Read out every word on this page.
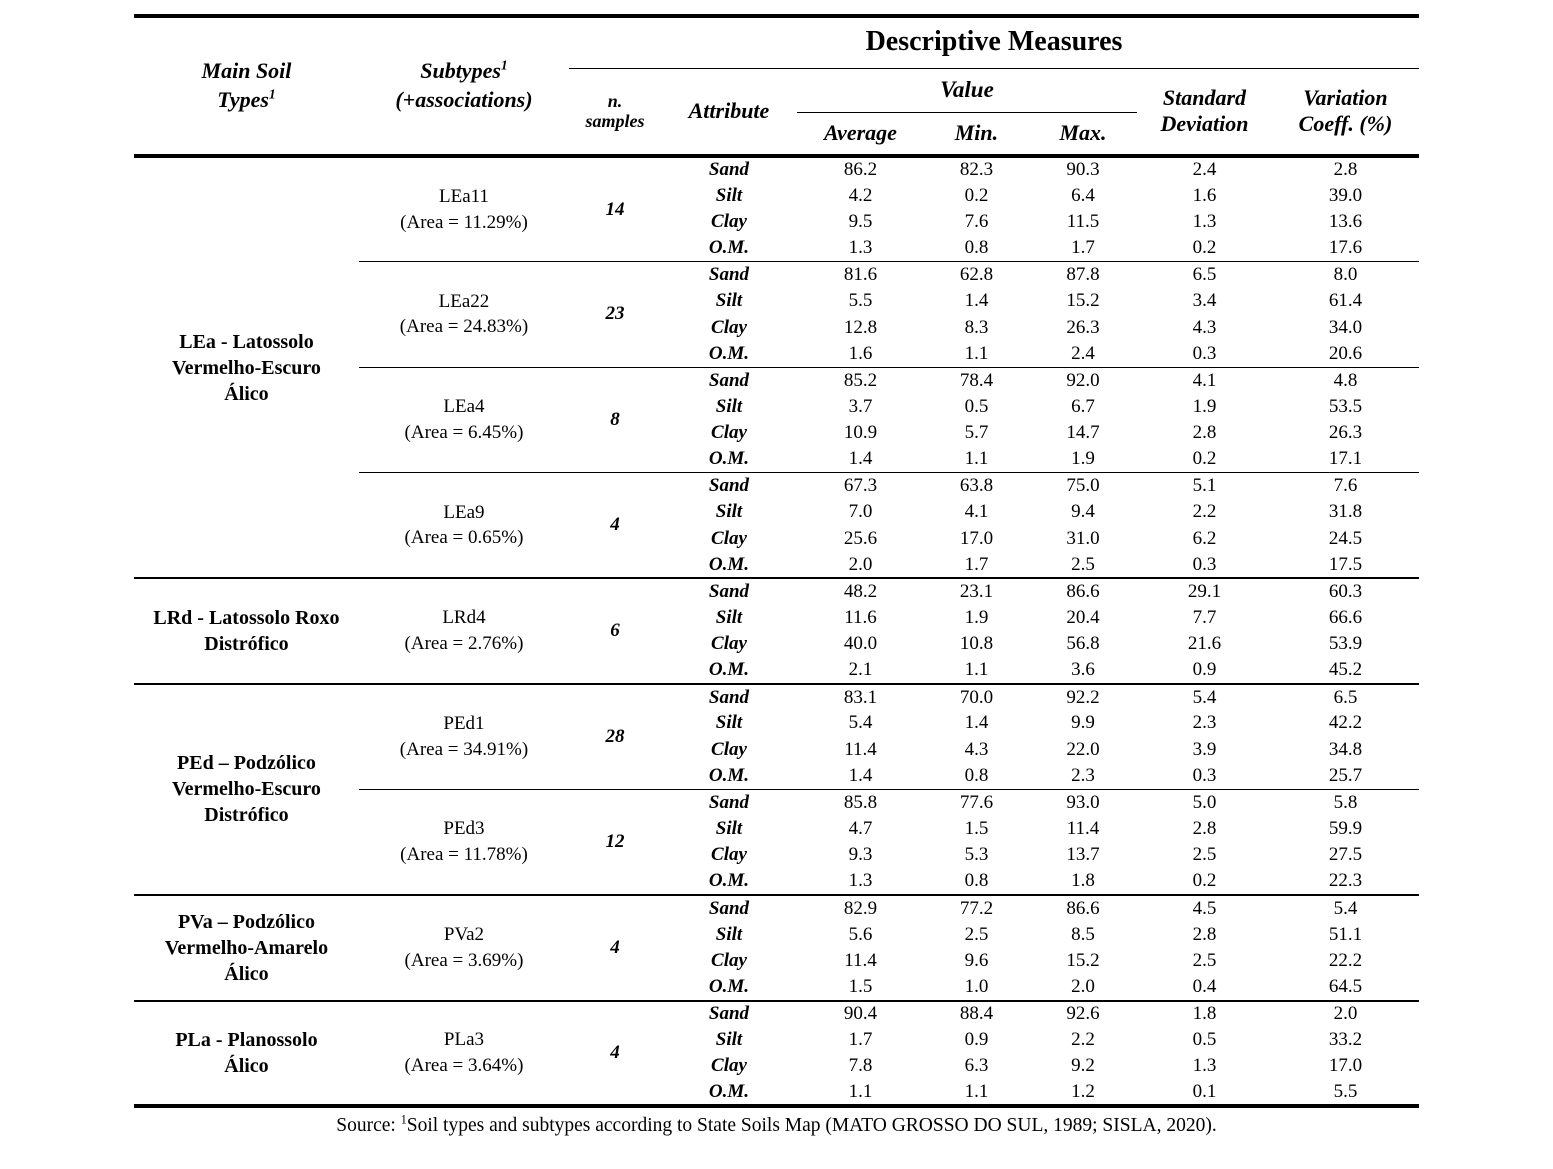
Main Soil
Types$^1$

Subtypes$^1$
(+associations)
	Descriptive Measures

n.
samples	Attribute	Value	Standard
Deviation

Variation
Coeff. (%)

				Average	Min.	Max.		

LEa - Latossolo
Vermelho-Escuro
Álico

LEa11
(Area = 11.29%)
	14	Sand	86.2	82.3	90.3	2.4	2.8
			Silt	4.2	0.2	6.4	1.6	39.0
			Clay	9.5	7.6	11.5	1.3	13.6
			O.M.	1.3	0.8	1.7	0.2	17.6

	LEa22
(Area = 24.83%)	23	Sand	81.6	62.8	87.8	6.5	8.0
			Silt	5.5	1.4	15.2	3.4	61.4
			Clay	12.8	8.3	26.3	4.3	34.0
			O.M.	1.6	1.1	2.4	0.3	20.6

	LEa4
(Area = 6.45%)	8	Sand	85.2	78.4	92.0	4.1	4.8
			Silt	3.7	0.5	6.7	1.9	53.5
			Clay	10.9	5.7	14.7	2.8	26.3
			O.M.	1.4	1.1	1.9	0.2	17.1

	LEa9
(Area = 0.65%)	4	Sand	67.3	63.8	75.0	5.1	7.6
			Silt	7.0	4.1	9.4	2.2	31.8
			Clay	25.6	17.0	31.0	6.2	24.5
			O.M.	2.0	1.7	2.5	0.3	17.5

LRd - Latossolo Roxo
Distrófico

LRd4
(Area = 2.76%)
	6	Sand	48.2	23.1	86.6	29.1	60.3
			Silt	11.6	1.9	20.4	7.7	66.6
			Clay	40.0	10.8	56.8	21.6	53.9
			O.M.	2.1	1.1	3.6	0.9	45.2

PEd – Podzólico
Vermelho-Escuro
Distrófico

PEd1
(Area = 34.91%)
	28	Sand	83.1	70.0	92.2	5.4	6.5
			Silt	5.4	1.4	9.9	2.3	42.2
			Clay	11.4	4.3	22.0	3.9	34.8
			O.M.	1.4	0.8	2.3	0.3	25.7

	PEd3
(Area = 11.78%)	12	Sand	85.8	77.6	93.0	5.0	5.8
			Silt	4.7	1.5	11.4	2.8	59.9
			Clay	9.3	5.3	13.7	2.5	27.5
			O.M.	1.3	0.8	1.8	0.2	22.3

PVa – Podzólico
Vermelho-Amarelo
Álico

PVa2
(Area = 3.69%)
	4	Sand	82.9	77.2	86.6	4.5	5.4
			Silt	5.6	2.5	8.5	2.8	51.1
			Clay	11.4	9.6	15.2	2.5	22.2
			O.M.	1.5	1.0	2.0	0.4	64.5

PLa - Planossolo
Álico

PLa3
(Area = 3.64%)
	4	Sand	90.4	88.4	92.6	1.8	2.0
			Silt	1.7	0.9	2.2	0.5	33.2
			Clay	7.8	6.3	9.2	1.3	17.0
			O.M.	1.1	1.1	1.2	0.1	5.5
Source: $^1$Soil types and subtypes according to State Soils Map (MATO GROSSO DO SUL, 1989; SISLA, 2020).
